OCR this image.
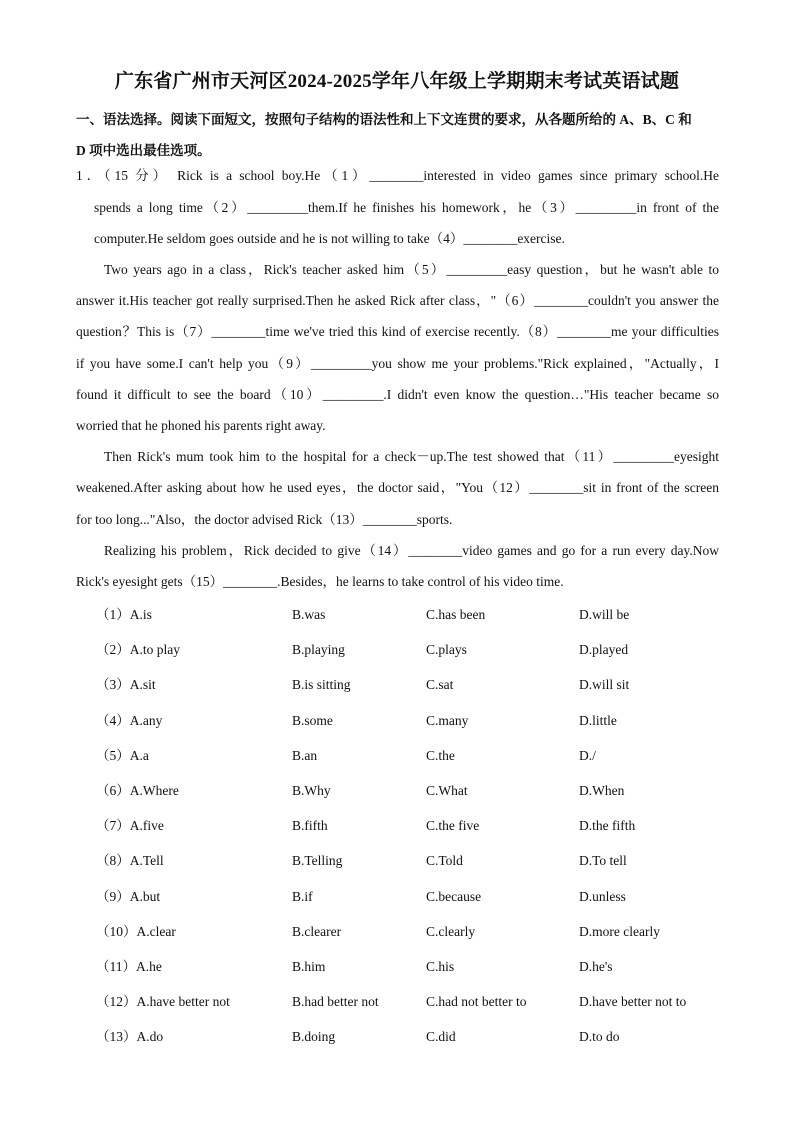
广东省广州市天河区2024-2025学年八年级上学期期末考试英语试题
一、语法选择。阅读下面短文，按照句子结构的语法性和上下文连贯的要求，从各题所给的 A、B、C 和
D 项中选出最佳选项。
1．（15 分） Rick is a school boy.He（1）________interested in video games since primary school.He
spends a long time（2）_________them.If he finishes his homework，he（3）_________in front of the
computer.He seldom goes outside and he is not willing to take（4）________exercise.
Two years ago in a class，Rick's teacher asked him（5）_________easy question，but he wasn't able to
answer it.His teacher got really surprised.Then he asked Rick after class，"（6）________couldn't you answer the
question？This is（7）________time we've tried this kind of exercise recently.（8）________me your difficulties
if you have some.I can't help you（9）_________you show me your problems."Rick explained，"Actually，I
found it difficult to see the board（10）_________.I didn't even know the question…"His teacher became so
worried that he phoned his parents right away.
Then Rick's mum took him to the hospital for a check－up.The test showed that（11）_________eyesight
weakened.After asking about how he used eyes，the doctor said，"You（12）________sit in front of the screen
for too long..."Also，the doctor advised Rick（13）________sports.
Realizing his problem，Rick decided to give（14）________video games and go for a run every day.Now
Rick's eyesight gets（15）________.Besides，he learns to take control of his video time.
（1）A.is	B.was	C.has been	D.will be
（2）A.to play	B.playing	C.plays	D.played
（3）A.sit	B.is sitting	C.sat	D.will sit
（4）A.any	B.some	C.many	D.little
（5）A.a	B.an	C.the	D./
（6）A.Where	B.Why	C.What	D.When
（7）A.five	B.fifth	C.the five	D.the fifth
（8）A.Tell	B.Telling	C.Told	D.To tell
（9）A.but	B.if	C.because	D.unless
（10）A.clear	B.clearer	C.clearly	D.more clearly
（11）A.he	B.him	C.his	D.he's
（12）A.have better not	B.had better not	C.had not better to	D.have better not to
（13）A.do	B.doing	C.did	D.to do
